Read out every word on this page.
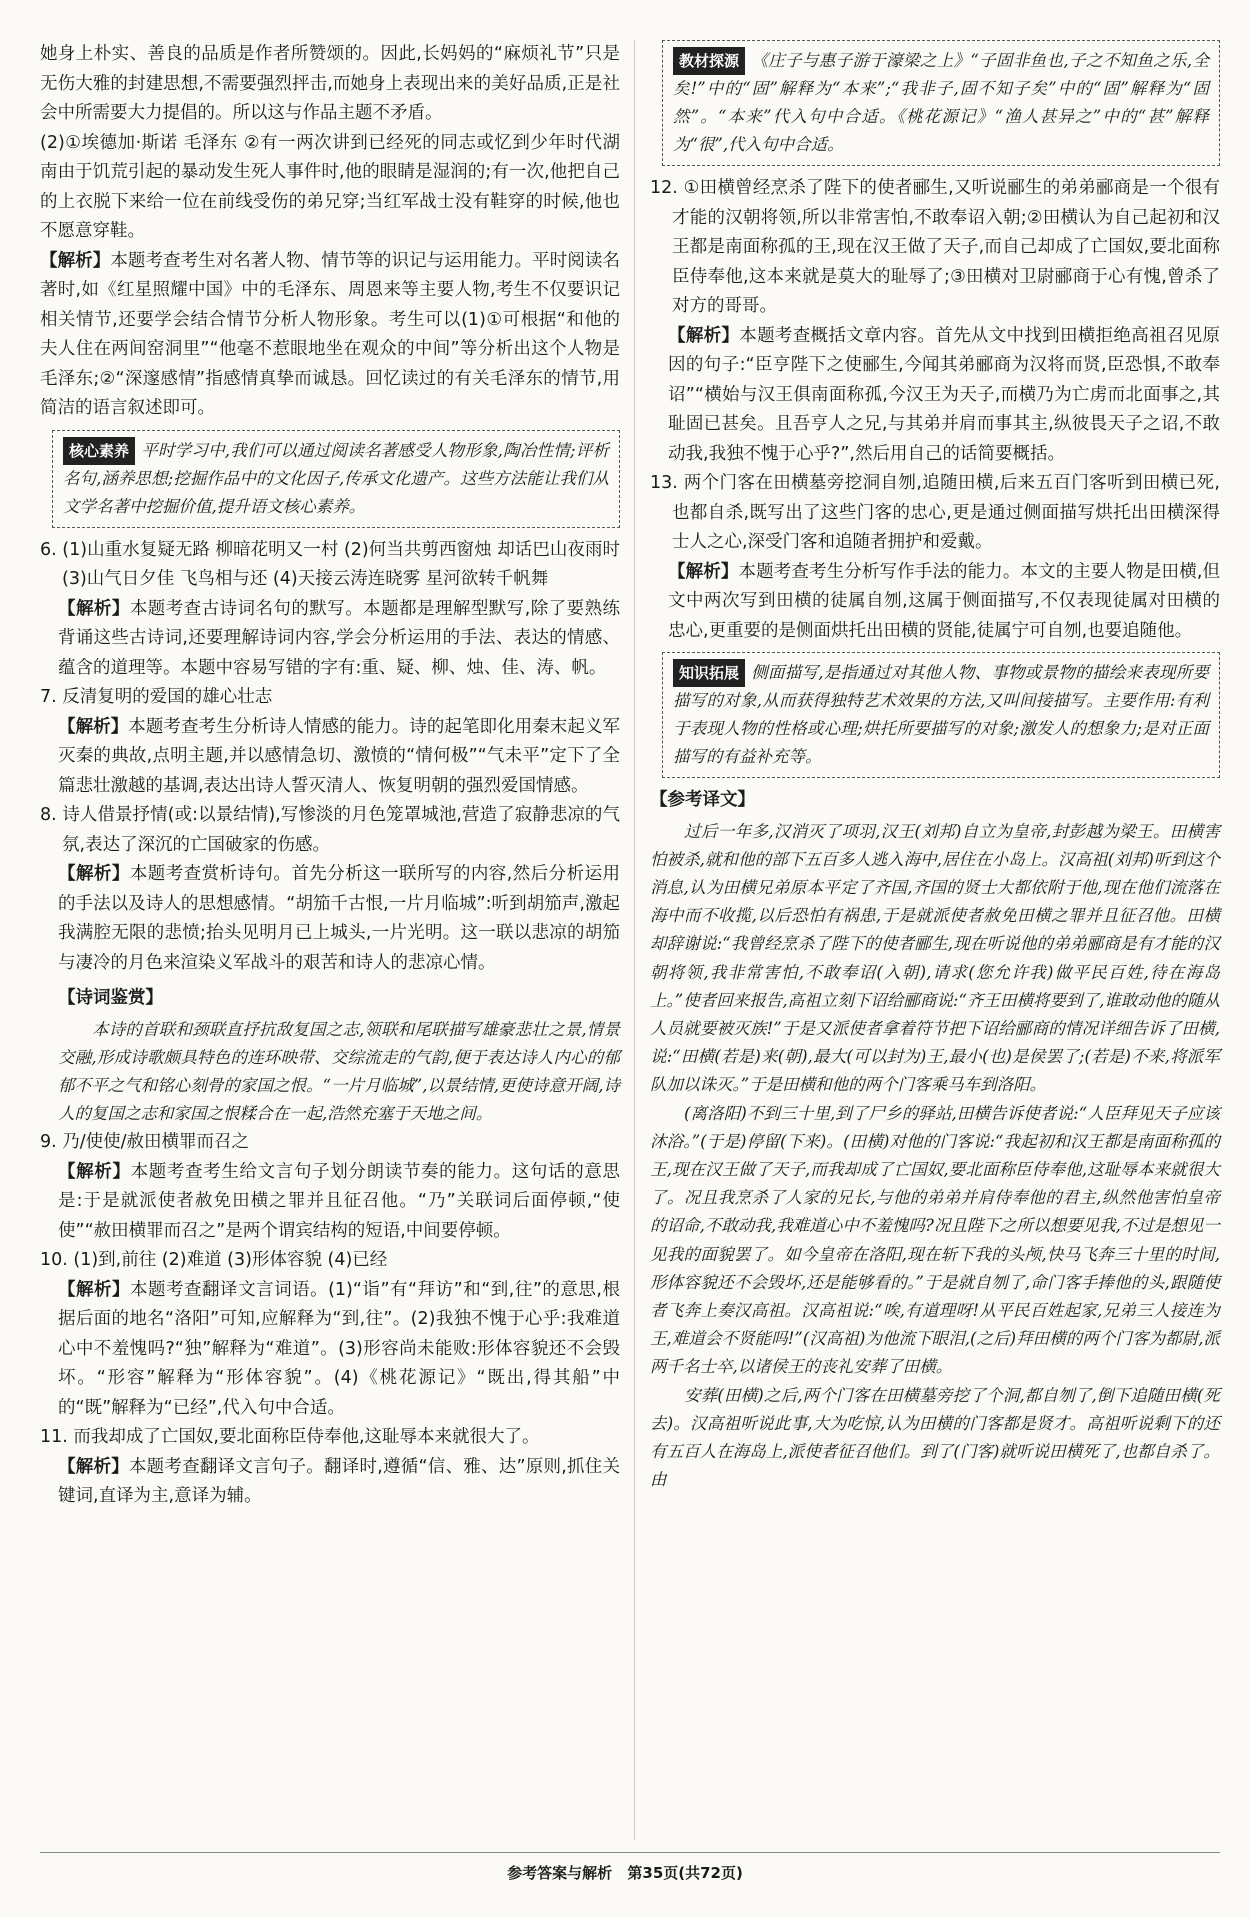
她身上朴实、善良的品质是作者所赞颂的。因此,长妈妈的“麻烦礼节”只是无伤大雅的封建思想,不需要强烈抨击,而她身上表现出来的美好品质,正是社会中所需要大力提倡的。所以这与作品主题不矛盾。

(2)①埃德加·斯诺 毛泽东 ②有一两次讲到已经死的同志或忆到少年时代湖南由于饥荒引起的暴动发生死人事件时,他的眼睛是湿润的;有一次,他把自己的上衣脱下来给一位在前线受伤的弟兄穿;当红军战士没有鞋穿的时候,他也不愿意穿鞋。

【解析】本题考查考生对名著人物、情节等的识记与运用能力。平时阅读名著时,如《红星照耀中国》中的毛泽东、周恩来等主要人物,考生不仅要识记相关情节,还要学会结合情节分析人物形象。考生可以(1)①可根据“和他的夫人住在两间窑洞里”“他毫不惹眼地坐在观众的中间”等分析出这个人物是毛泽东;②“深邃感情”指感情真挚而诚恳。回忆读过的有关毛泽东的情节,用简洁的语言叙述即可。

核心素养 平时学习中,我们可以通过阅读名著感受人物形象,陶冶性情;评析名句,涵养思想;挖掘作品中的文化因子,传承文化遗产。这些方法能让我们从文学名著中挖掘价值,提升语文核心素养。

6. (1)山重水复疑无路 柳暗花明又一村 (2)何当共剪西窗烛 却话巴山夜雨时 (3)山气日夕佳 飞鸟相与还 (4)天接云涛连晓雾 星河欲转千帆舞

【解析】本题考查古诗词名句的默写。本题都是理解型默写,除了要熟练背诵这些古诗词,还要理解诗词内容,学会分析运用的手法、表达的情感、蕴含的道理等。本题中容易写错的字有:重、疑、柳、烛、佳、涛、帆。

7. 反清复明的爱国的雄心壮志

【解析】本题考查考生分析诗人情感的能力。诗的起笔即化用秦末起义军灭秦的典故,点明主题,并以感情急切、激愤的“情何极”“气未平”定下了全篇悲壮激越的基调,表达出诗人誓灭清人、恢复明朝的强烈爱国情感。

8. 诗人借景抒情(或:以景结情),写惨淡的月色笼罩城池,营造了寂静悲凉的气氛,表达了深沉的亡国破家的伤感。

【解析】本题考查赏析诗句。首先分析这一联所写的内容,然后分析运用的手法以及诗人的思想感情。“胡笳千古恨,一片月临城”:听到胡笳声,激起我满腔无限的悲愤;抬头见明月已上城头,一片光明。这一联以悲凉的胡笳与凄冷的月色来渲染义军战斗的艰苦和诗人的悲凉心情。

【诗词鉴赏】

本诗的首联和颈联直抒抗敌复国之志,领联和尾联描写雄豪悲壮之景,情景交融,形成诗歌颇具特色的连环映带、交综流走的气韵,便于表达诗人内心的郁郁不平之气和铭心刻骨的家国之恨。“一片月临城”,以景结情,更使诗意开阔,诗人的复国之志和家国之恨糅合在一起,浩然充塞于天地之间。

9. 乃/使使/赦田横罪而召之

【解析】本题考查考生给文言句子划分朗读节奏的能力。这句话的意思是:于是就派使者赦免田横之罪并且征召他。“乃”关联词后面停顿,“使使”“赦田横罪而召之”是两个谓宾结构的短语,中间要停顿。

10. (1)到,前往 (2)难道 (3)形体容貌 (4)已经

【解析】本题考查翻译文言词语。(1)“诣”有“拜访”和“到,往”的意思,根据后面的地名“洛阳”可知,应解释为“到,往”。(2)我独不愧于心乎:我难道心中不羞愧吗?“独”解释为“难道”。(3)形容尚未能败:形体容貌还不会毁坏。“形容”解释为“形体容貌”。(4)《桃花源记》“既出,得其船”中的“既”解释为“已经”,代入句中合适。

11. 而我却成了亡国奴,要北面称臣侍奉他,这耻辱本来就很大了。

【解析】本题考查翻译文言句子。翻译时,遵循“信、雅、达”原则,抓住关键词,直译为主,意译为辅。

教材探源 《庄子与惠子游于濠梁之上》“子固非鱼也,子之不知鱼之乐,全矣!”中的“固”解释为“本来”;“我非子,固不知子矣”中的“固”解释为“固然”。“本来”代入句中合适。《桃花源记》“渔人甚异之”中的“甚”解释为“很”,代入句中合适。

12. ①田横曾经烹杀了陛下的使者郦生,又听说郦生的弟弟郦商是一个很有才能的汉朝将领,所以非常害怕,不敢奉诏入朝;②田横认为自己起初和汉王都是南面称孤的王,现在汉王做了天子,而自己却成了亡国奴,要北面称臣侍奉他,这本来就是莫大的耻辱了;③田横对卫尉郦商于心有愧,曾杀了对方的哥哥。

【解析】本题考查概括文章内容。首先从文中找到田横拒绝高祖召见原因的句子:“臣亨陛下之使郦生,今闻其弟郦商为汉将而贤,臣恐惧,不敢奉诏”“横始与汉王俱南面称孤,今汉王为天子,而横乃为亡虏而北面事之,其耻固已甚矣。且吾亨人之兄,与其弟并肩而事其主,纵彼畏天子之诏,不敢动我,我独不愧于心乎?”,然后用自己的话简要概括。

13. 两个门客在田横墓旁挖洞自刎,追随田横,后来五百门客听到田横已死,也都自杀,既写出了这些门客的忠心,更是通过侧面描写烘托出田横深得士人之心,深受门客和追随者拥护和爱戴。

【解析】本题考查考生分析写作手法的能力。本文的主要人物是田横,但文中两次写到田横的徒属自刎,这属于侧面描写,不仅表现徒属对田横的忠心,更重要的是侧面烘托出田横的贤能,徒属宁可自刎,也要追随他。

知识拓展 侧面描写,是指通过对其他人物、事物或景物的描绘来表现所要描写的对象,从而获得独特艺术效果的方法,又叫间接描写。主要作用:有利于表现人物的性格或心理;烘托所要描写的对象;激发人的想象力;是对正面描写的有益补充等。

【参考译文】

过后一年多,汉消灭了项羽,汉王(刘邦)自立为皇帝,封彭越为梁王。田横害怕被杀,就和他的部下五百多人逃入海中,居住在小岛上。汉高祖(刘邦)听到这个消息,认为田横兄弟原本平定了齐国,齐国的贤士大都依附于他,现在他们流落在海中而不收揽,以后恐怕有祸患,于是就派使者赦免田横之罪并且征召他。田横却辞谢说:“我曾经烹杀了陛下的使者郦生,现在听说他的弟弟郦商是有才能的汉朝将领,我非常害怕,不敢奉诏(入朝),请求(您允许我)做平民百姓,待在海岛上。”使者回来报告,高祖立刻下诏给郦商说:“齐王田横将要到了,谁敢动他的随从人员就要被灭族!”于是又派使者拿着符节把下诏给郦商的情况详细告诉了田横,说:“田横(若是)来(朝),最大(可以封为)王,最小(也)是侯罢了;(若是)不来,将派军队加以诛灭。”于是田横和他的两个门客乘马车到洛阳。

(离洛阳)不到三十里,到了尸乡的驿站,田横告诉使者说:“人臣拜见天子应该沐浴。”(于是)停留(下来)。(田横)对他的门客说:“我起初和汉王都是南面称孤的王,现在汉王做了天子,而我却成了亡国奴,要北面称臣侍奉他,这耻辱本来就很大了。况且我烹杀了人家的兄长,与他的弟弟并肩侍奉他的君主,纵然他害怕皇帝的诏命,不敢动我,我难道心中不羞愧吗?况且陛下之所以想要见我,不过是想见一见我的面貌罢了。如今皇帝在洛阳,现在斩下我的头颅,快马飞奔三十里的时间,形体容貌还不会毁坏,还是能够看的。”于是就自刎了,命门客手捧他的头,跟随使者飞奔上奏汉高祖。汉高祖说:“唉,有道理呀!从平民百姓起家,兄弟三人接连为王,难道会不贤能吗!”(汉高祖)为他流下眼泪,(之后)拜田横的两个门客为都尉,派两千名士卒,以诸侯王的丧礼安葬了田横。

安葬(田横)之后,两个门客在田横墓旁挖了个洞,都自刎了,倒下追随田横(死去)。汉高祖听说此事,大为吃惊,认为田横的门客都是贤才。高祖听说剩下的还有五百人在海岛上,派使者征召他们。到了(门客)就听说田横死了,也都自杀了。由

参考答案与解析 第35页(共72页)
